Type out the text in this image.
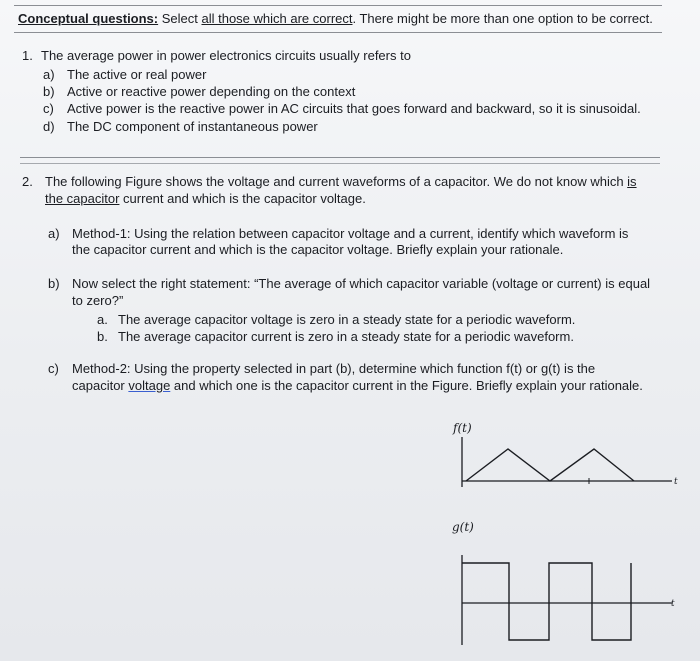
Conceptual questions: Select all those which are correct. There might be more than one option to be correct.
1. The average power in power electronics circuits usually refers to
a) The active or real power
b) Active or reactive power depending on the context
c) Active power is the reactive power in AC circuits that goes forward and backward, so it is sinusoidal.
d) The DC component of instantaneous power
2. The following Figure shows the voltage and current waveforms of a capacitor. We do not know which is
the capacitor current and which is the capacitor voltage.
a) Method-1: Using the relation between capacitor voltage and a current, identify which waveform is
the capacitor current and which is the capacitor voltage. Briefly explain your rationale.
b) Now select the right statement: “The average of which capacitor variable (voltage or current) is equal
to zero?”
a. The average capacitor voltage is zero in a steady state for a periodic waveform.
b. The average capacitor current is zero in a steady state for a periodic waveform.
c) Method-2: Using the property selected in part (b), determine which function f(t) or g(t) is the
capacitor voltage and which one is the capacitor current in the Figure. Briefly explain your rationale.
f(t)
t
g(t)
t
